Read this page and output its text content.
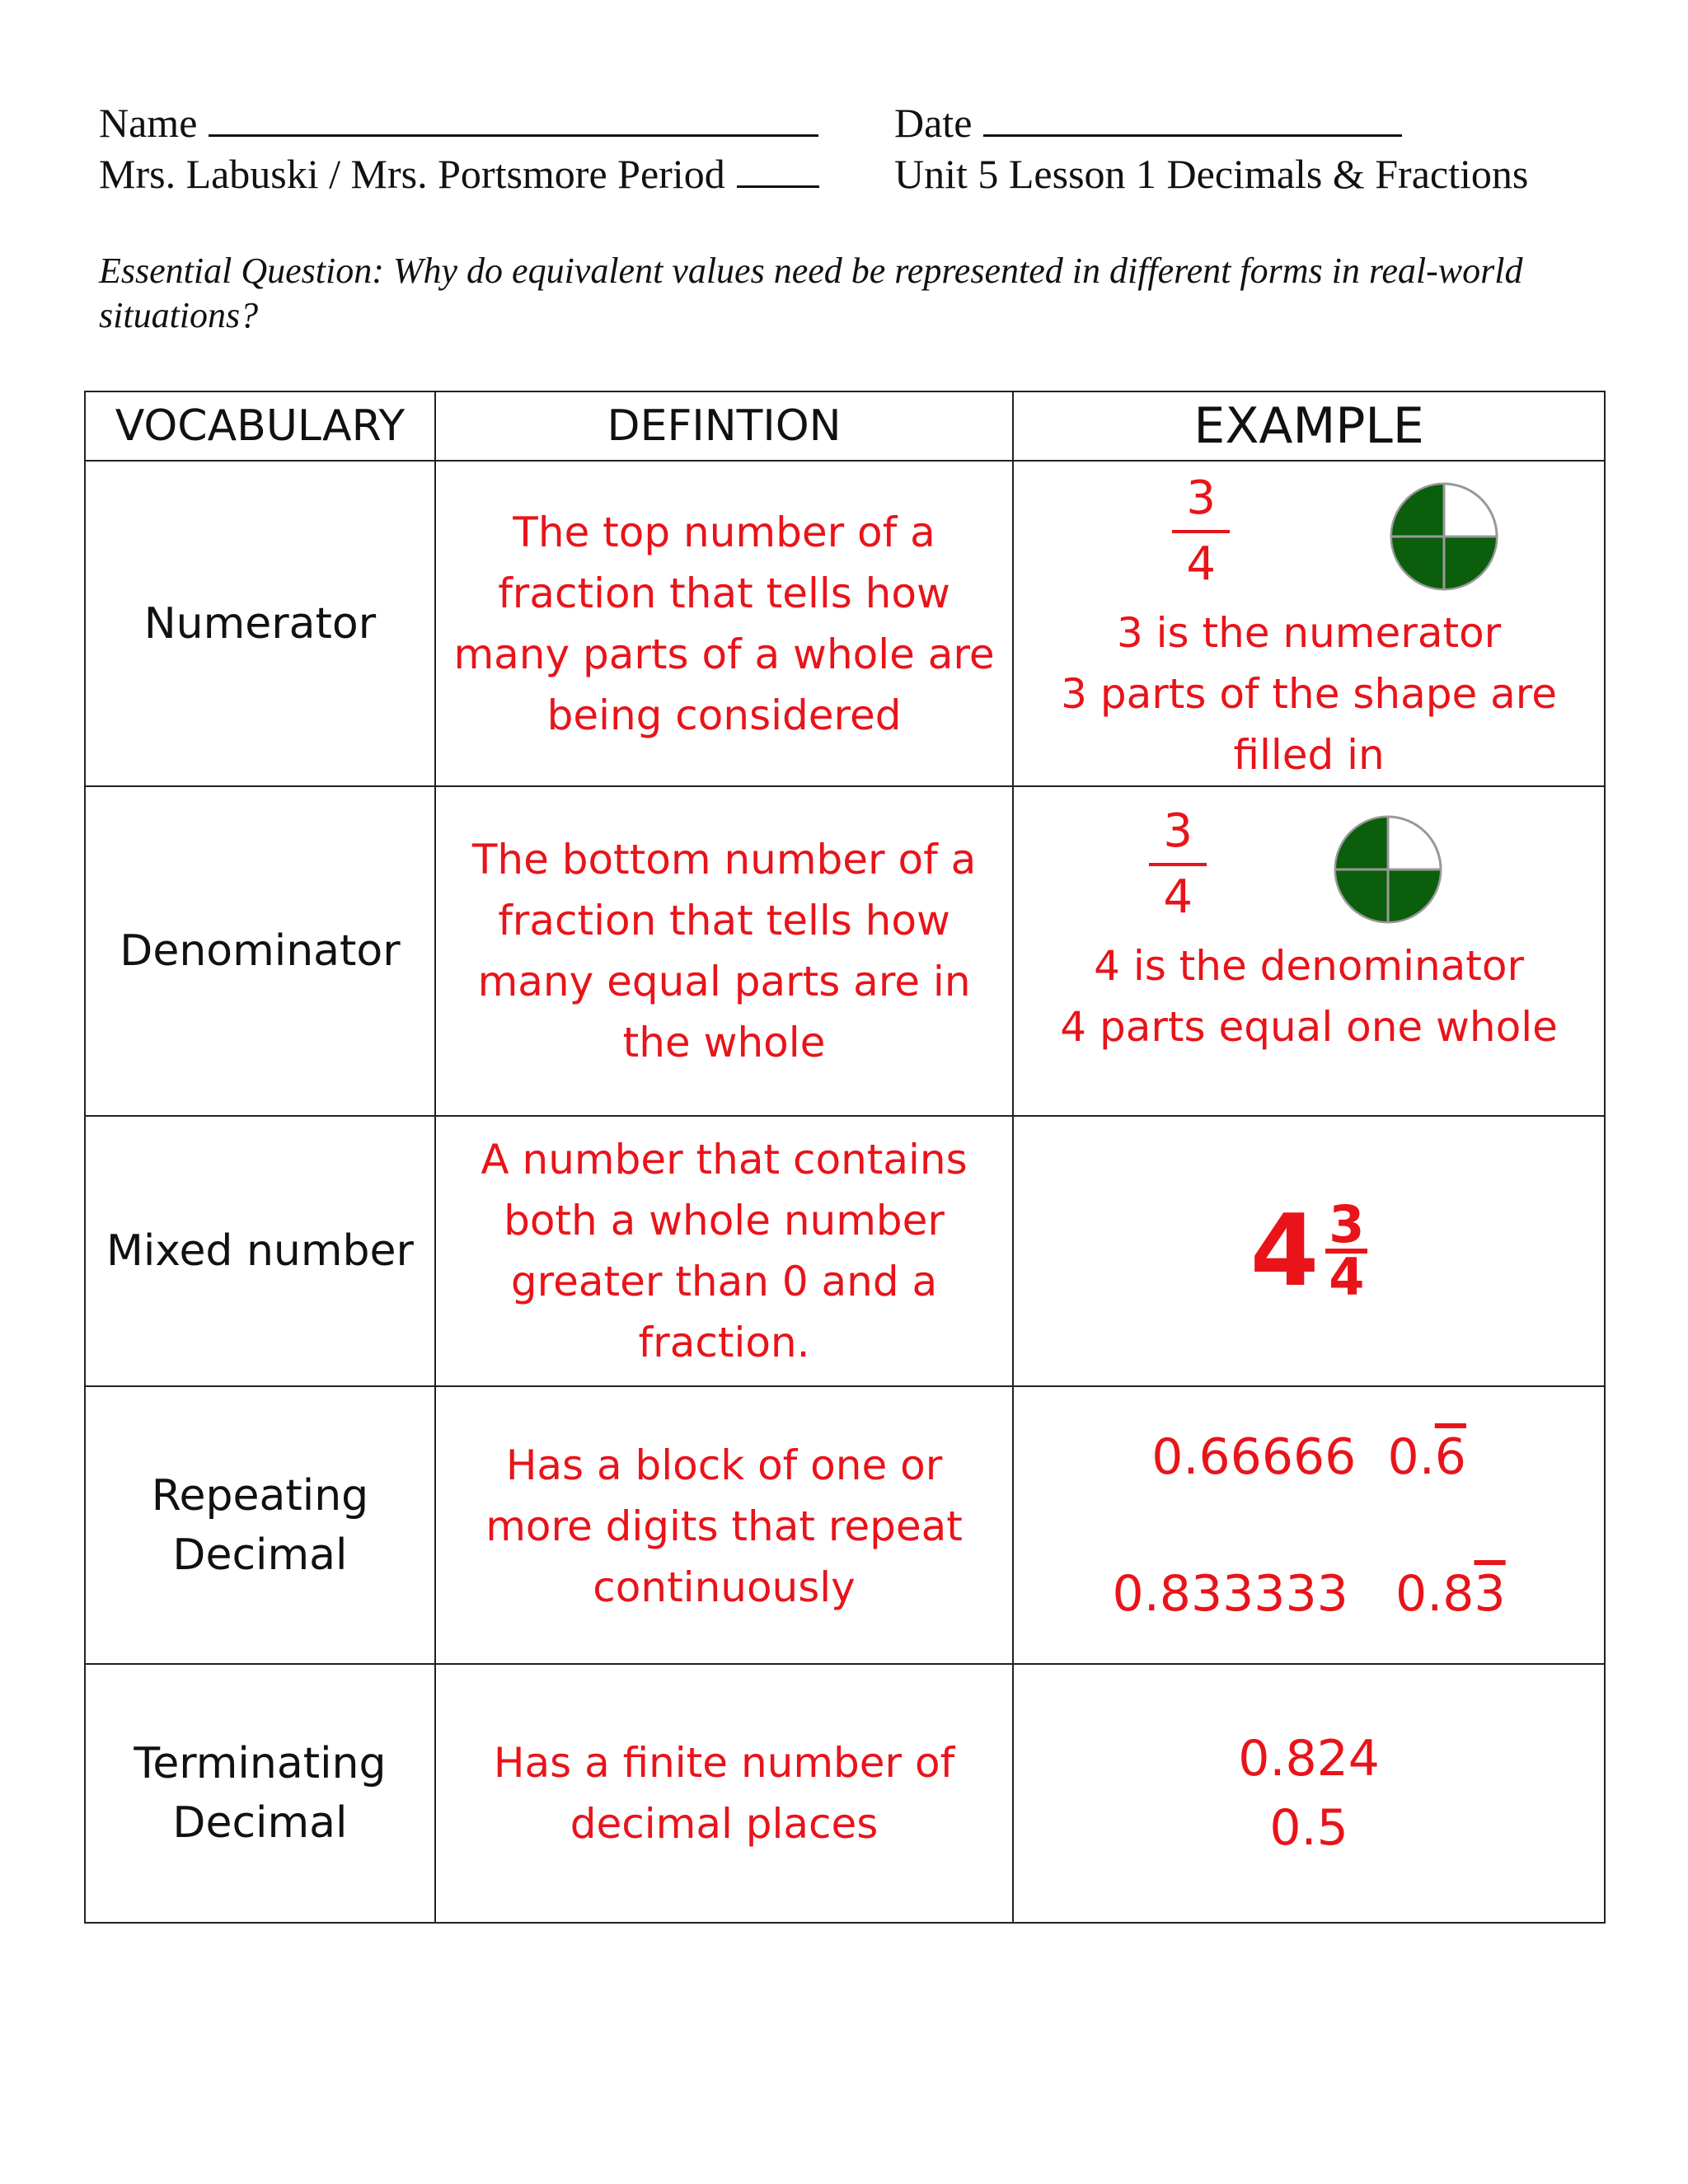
Name	Date
Mrs. Labuski / Mrs. Portsmore Period	Unit 5 Lesson 1 Decimals & Fractions
Essential Question: Why do equivalent values need be represented in different forms in real-world situations?
VOCABULARY	DEFINTION	EXAMPLE
Numerator	The top number of a fraction that tells how many parts of a whole are being considered	$\frac{3}{4}$
3 is the numerator
3 parts of the shape are filled in

Denominator	The bottom number of a fraction that tells how many equal parts are in the whole	$\frac{3}{4}$
4 is the denominator
4 parts equal one whole

Mixed number	A number that contains both a whole number greater than 0 and a fraction.	$4 \frac{3}{4}$

Repeating Decimal	Has a block of one or more digits that repeat continuously	0.66666 0.6
0.833333 0.83

Terminating Decimal	Has a finite number of decimal places	0.824
0.5
